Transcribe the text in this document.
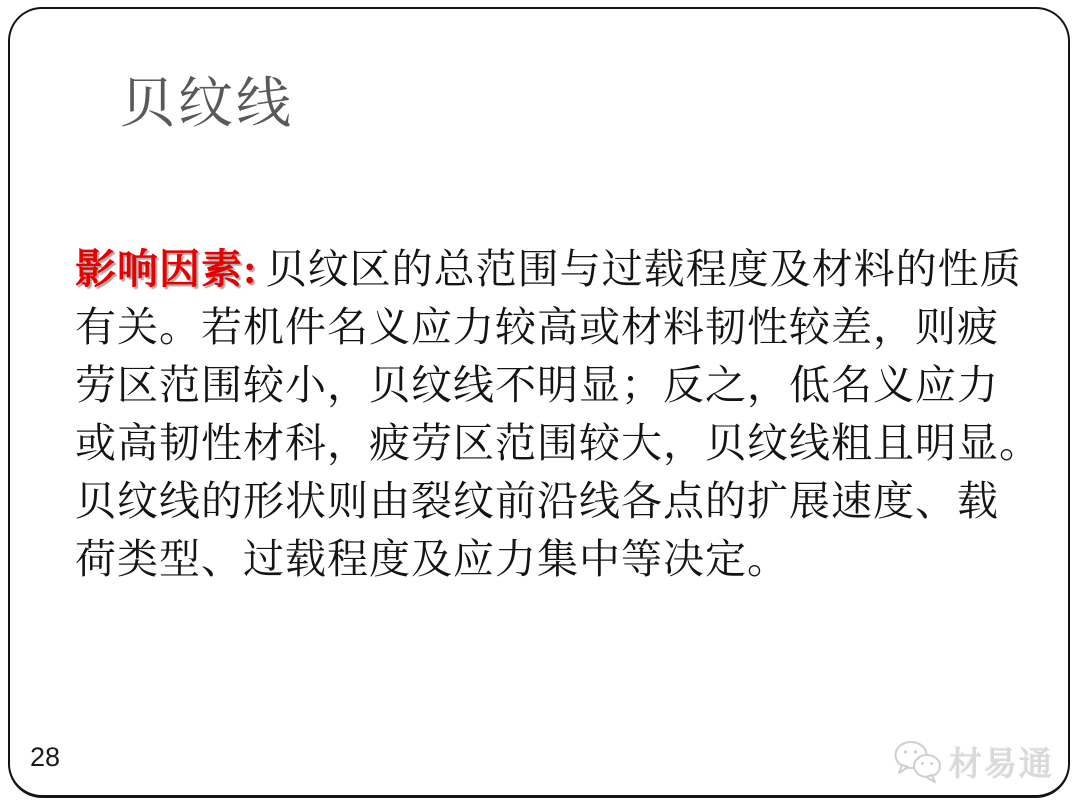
贝纹线
影响因素: 贝纹区的总范围与过载程度及材料的性质
有关。若机件名义应力较高或材料韧性较差，则疲
劳区范围较小，贝纹线不明显；反之，低名义应力
或高韧性材科，疲劳区范围较大，贝纹线粗且明显。
贝纹线的形状则由裂纹前沿线各点的扩展速度、载
荷类型、过载程度及应力集中等决定。
28	材易通
